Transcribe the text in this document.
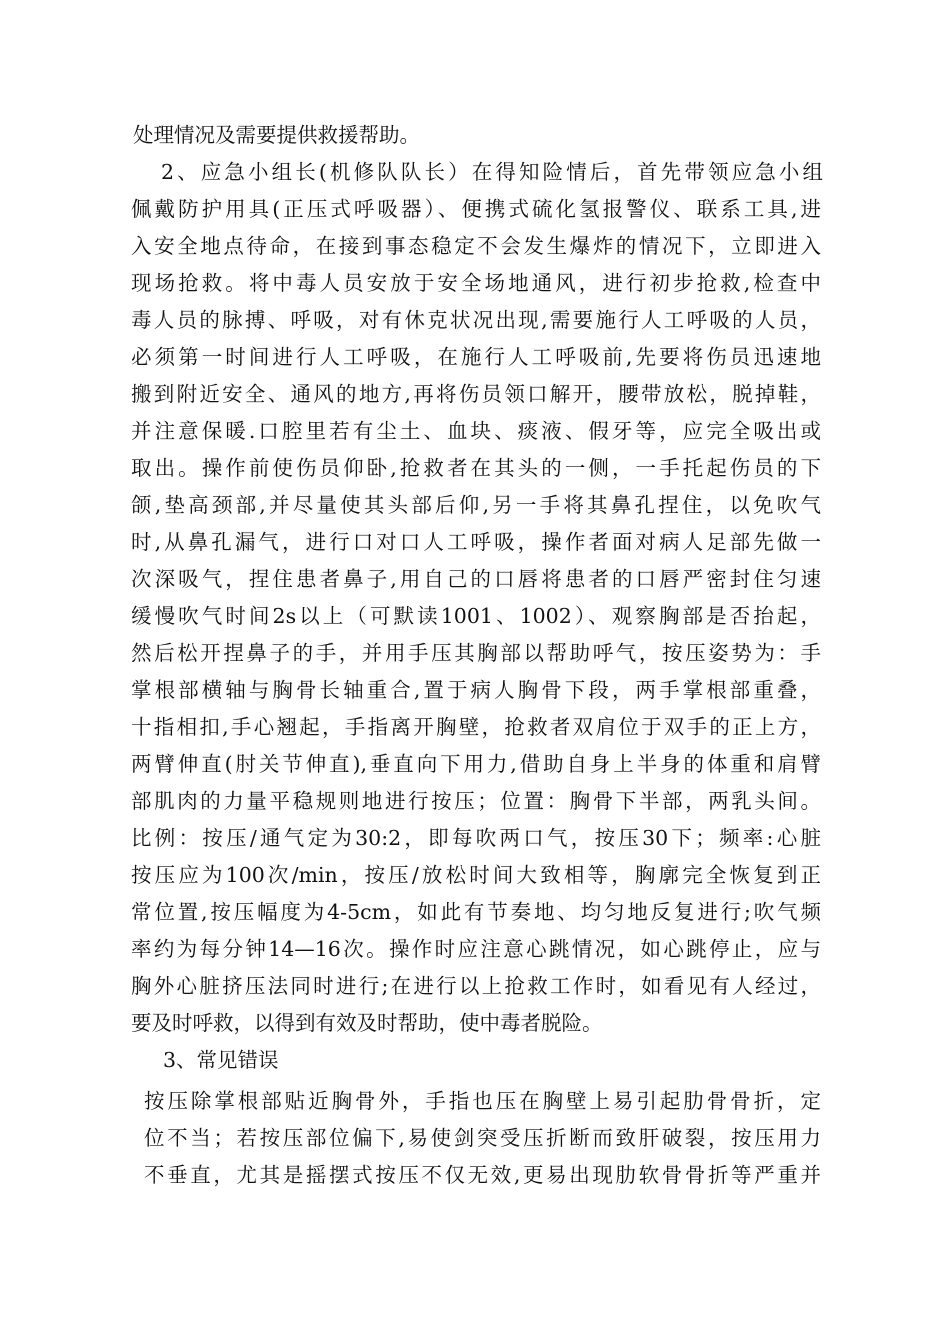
处理情况及需要提供救援帮助。
2、应急小组长(机修队队长）在得知险情后，首先带领应急小组
佩戴防护用具(正压式呼吸器）、便携式硫化氢报警仪、联系工具,进
入安全地点待命，在接到事态稳定不会发生爆炸的情况下，立即进入
现场抢救。将中毒人员安放于安全场地通风，进行初步抢救,检查中
毒人员的脉搏、呼吸，对有休克状况出现,需要施行人工呼吸的人员，
必须第一时间进行人工呼吸，在施行人工呼吸前,先要将伤员迅速地
搬到附近安全、通风的地方,再将伤员领口解开，腰带放松，脱掉鞋，
并注意保暖.口腔里若有尘土、血块、痰液、假牙等，应完全吸出或
取出。操作前使伤员仰卧,抢救者在其头的一侧，一手托起伤员的下
颌,垫高颈部,并尽量使其头部后仰,另一手将其鼻孔捏住，以免吹气
时,从鼻孔漏气，进行口对口人工呼吸，操作者面对病人足部先做一
次深吸气，捏住患者鼻子,用自己的口唇将患者的口唇严密封住匀速
缓慢吹气时间2s以上（可默读1001、1002）、观察胸部是否抬起，
然后松开捏鼻子的手，并用手压其胸部以帮助呼气，按压姿势为：手
掌根部横轴与胸骨长轴重合,置于病人胸骨下段，两手掌根部重叠，
十指相扣,手心翘起，手指离开胸壁，抢救者双肩位于双手的正上方，
两臂伸直(肘关节伸直),垂直向下用力,借助自身上半身的体重和肩臂
部肌肉的力量平稳规则地进行按压；位置：胸骨下半部，两乳头间。
比例：按压/通气定为30:2，即每吹两口气，按压30下；频率:心脏
按压应为100次/min，按压/放松时间大致相等，胸廓完全恢复到正
常位置,按压幅度为4-5cm，如此有节奏地、均匀地反复进行;吹气频
率约为每分钟14—16次。操作时应注意心跳情况，如心跳停止，应与
胸外心脏挤压法同时进行;在进行以上抢救工作时，如看见有人经过，
要及时呼救，以得到有效及时帮助，使中毒者脱险。
3、常见错误
按压除掌根部贴近胸骨外，手指也压在胸壁上易引起肋骨骨折，定
位不当；若按压部位偏下,易使剑突受压折断而致肝破裂，按压用力
不垂直，尤其是摇摆式按压不仅无效,更易出现肋软骨骨折等严重并
